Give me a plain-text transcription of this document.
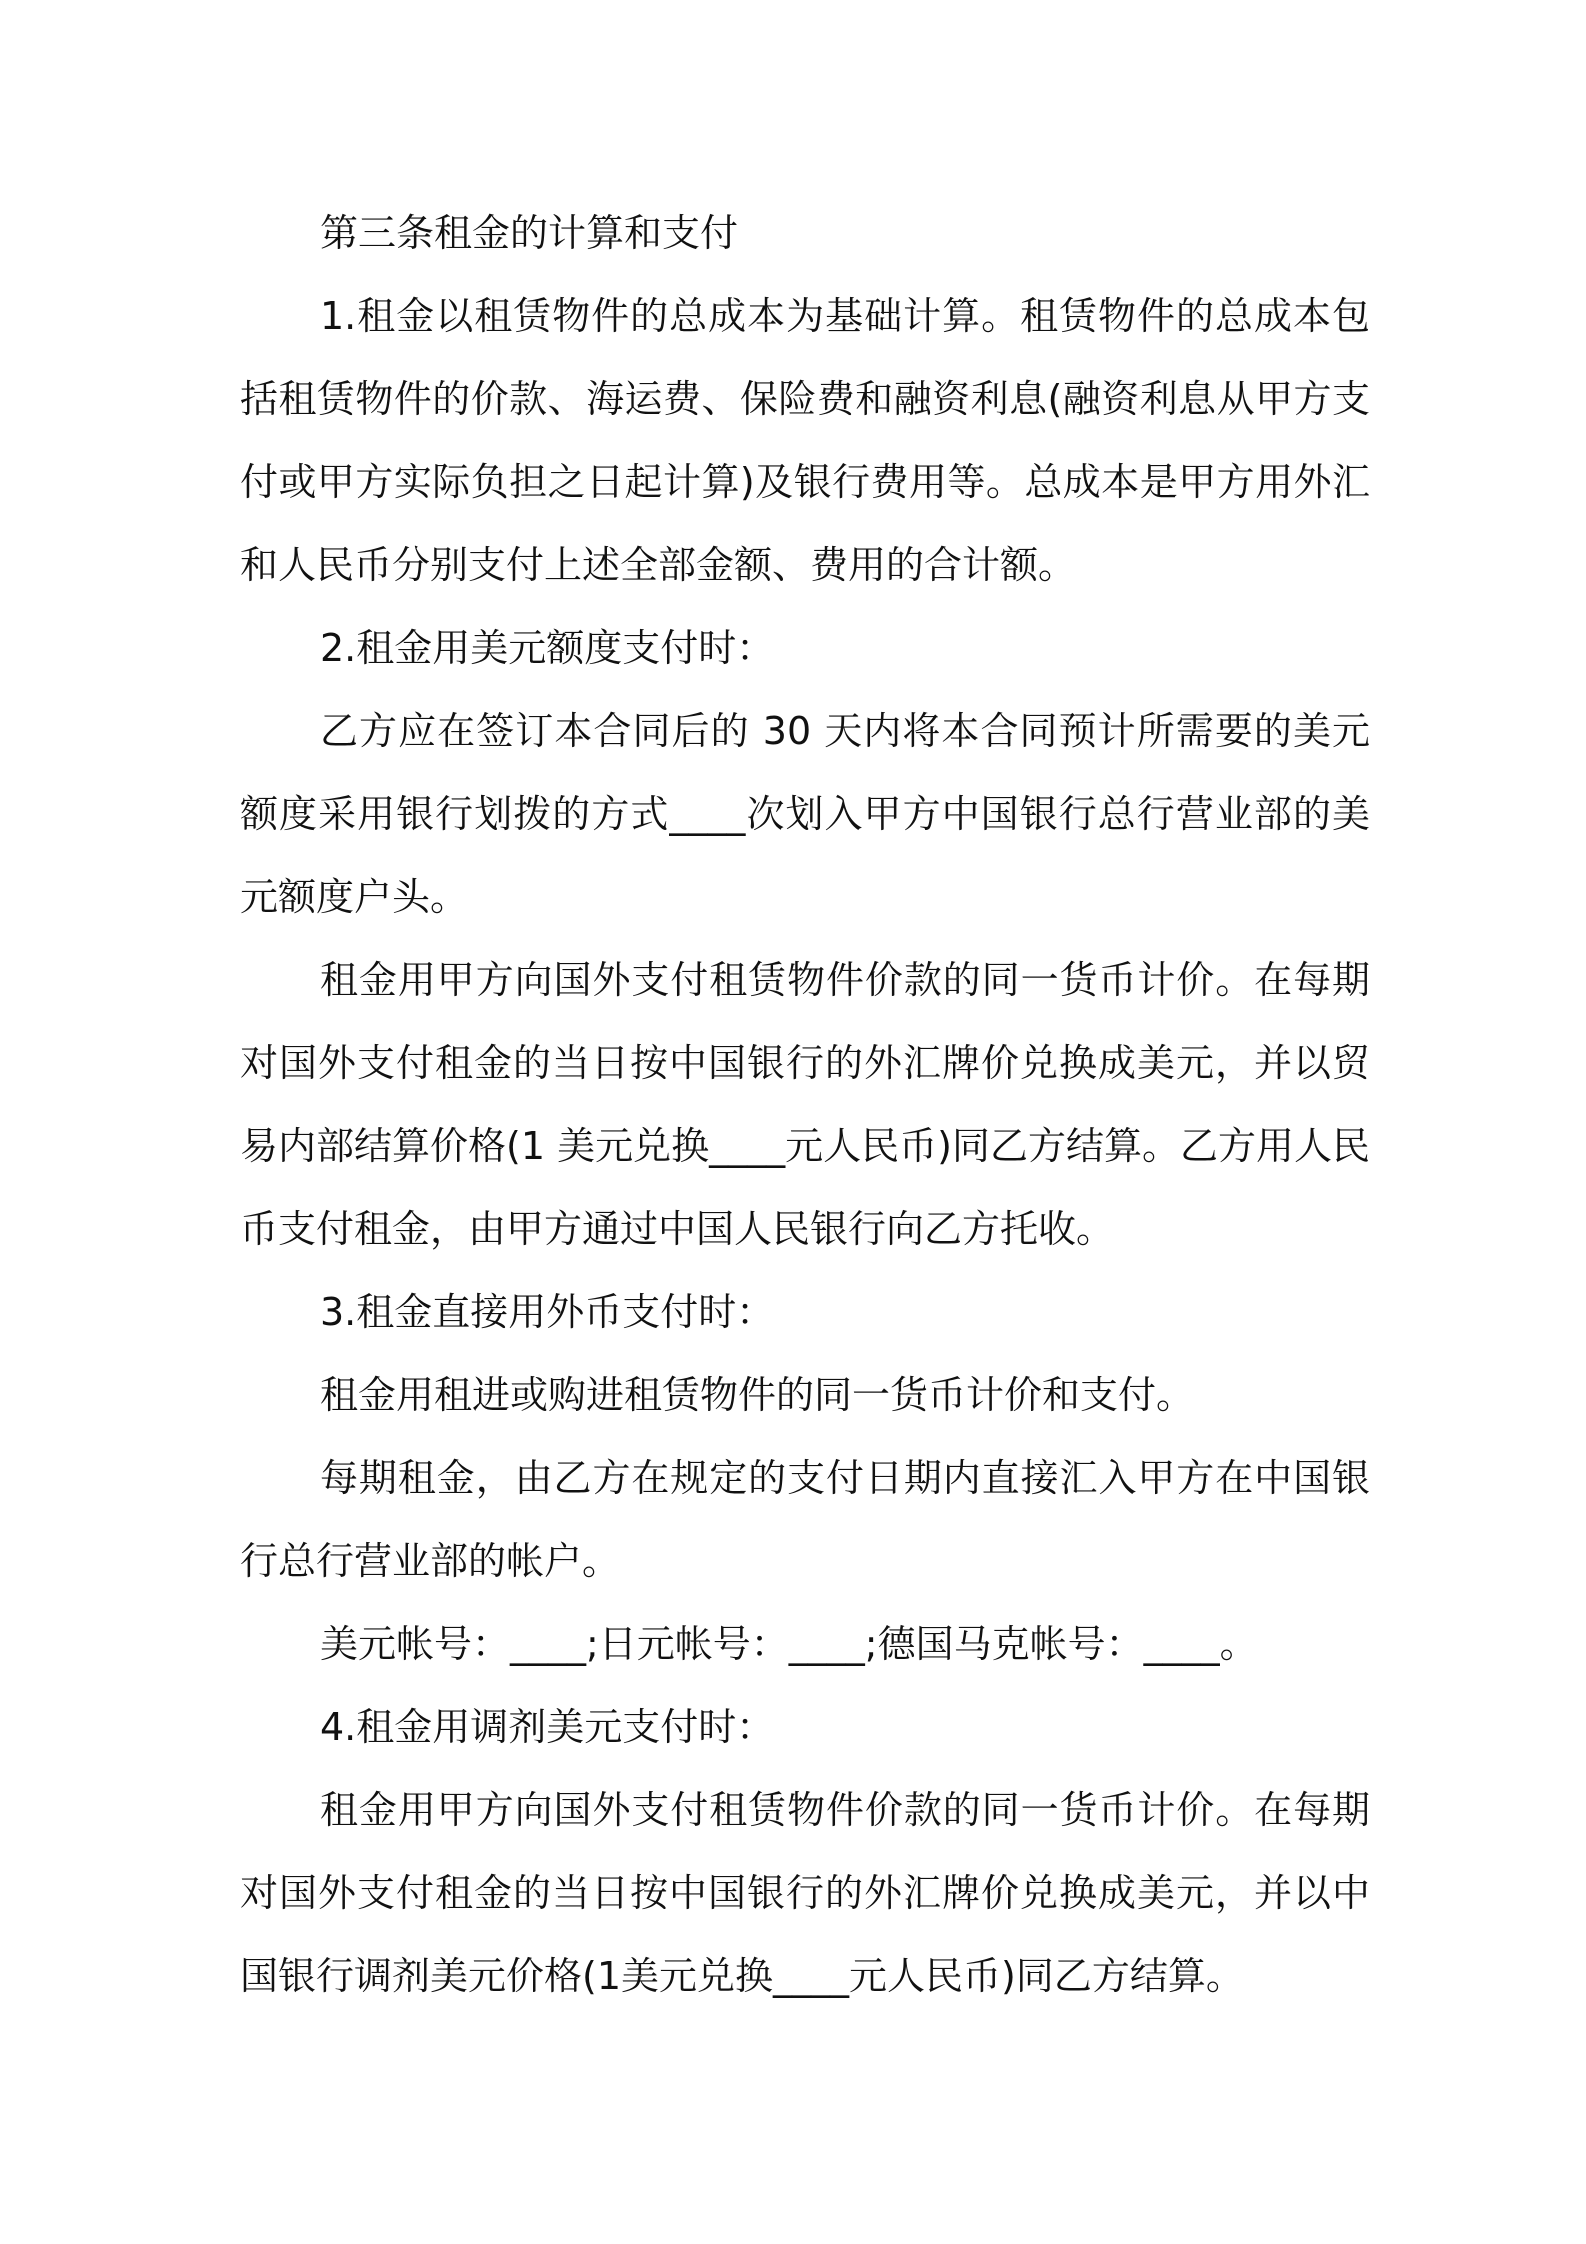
第三条租金的计算和支付

1.租金以租赁物件的总成本为基础计算。租赁物件的总成本包括租赁物件的价款、海运费、保险费和融资利息(融资利息从甲方支付或甲方实际负担之日起计算)及银行费用等。总成本是甲方用外汇和人民币分别支付上述全部金额、费用的合计额。

2.租金用美元额度支付时：

乙方应在签订本合同后的 30 天内将本合同预计所需要的美元额度采用银行划拨的方式____次划入甲方中国银行总行营业部的美元额度户头。

租金用甲方向国外支付租赁物件价款的同一货币计价。在每期对国外支付租金的当日按中国银行的外汇牌价兑换成美元，并以贸易内部结算价格(1 美元兑换____元人民币)同乙方结算。乙方用人民币支付租金，由甲方通过中国人民银行向乙方托收。

3.租金直接用外币支付时：

租金用租进或购进租赁物件的同一货币计价和支付。

每期租金，由乙方在规定的支付日期内直接汇入甲方在中国银行总行营业部的帐户。

美元帐号：____;日元帐号：____;德国马克帐号：____。

4.租金用调剂美元支付时：

租金用甲方向国外支付租赁物件价款的同一货币计价。在每期对国外支付租金的当日按中国银行的外汇牌价兑换成美元，并以中国银行调剂美元价格(1美元兑换____元人民币)同乙方结算。
